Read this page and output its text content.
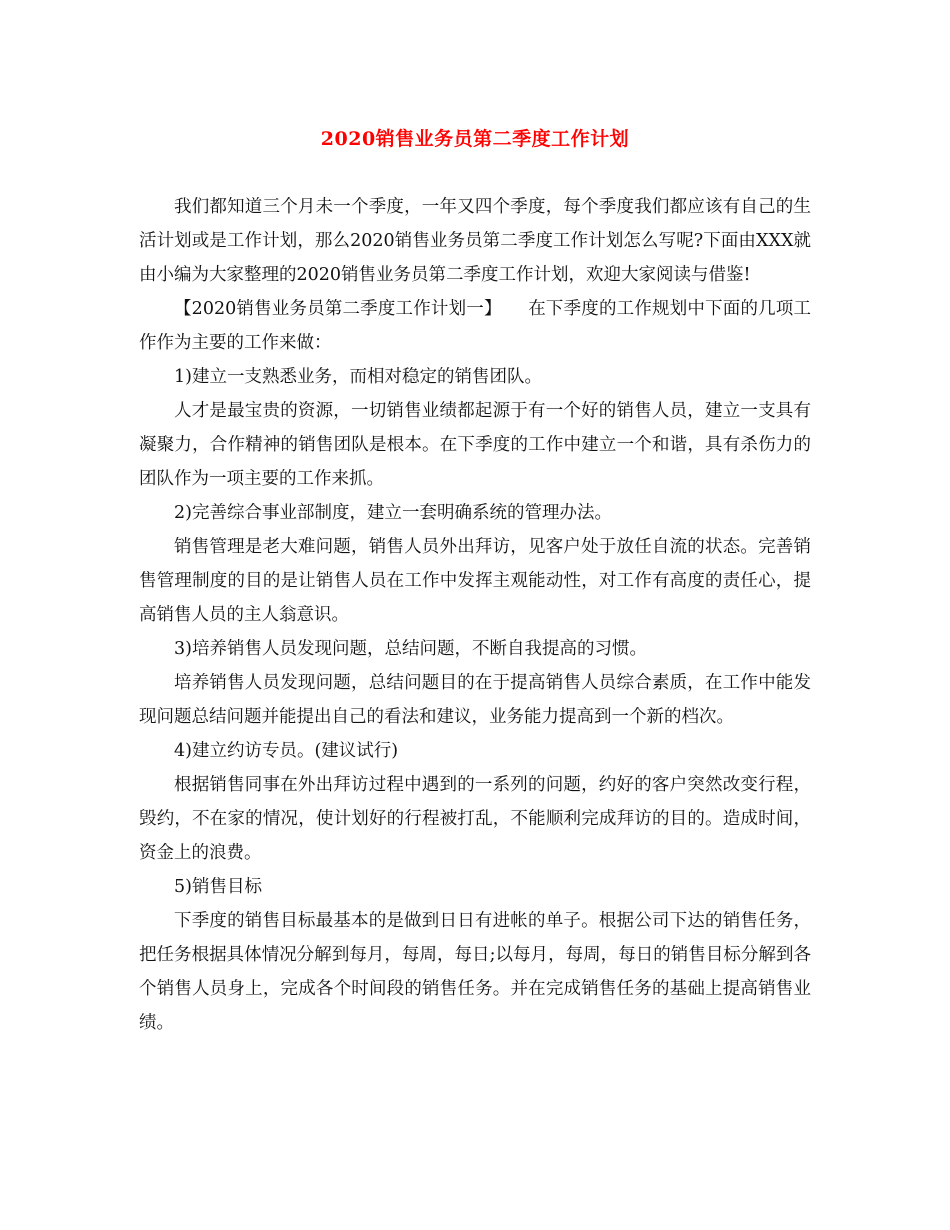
2020销售业务员第二季度工作计划

我们都知道三个月未一个季度，一年又四个季度，每个季度我们都应该有自己的生活计划或是工作计划，那么2020销售业务员第二季度工作计划怎么写呢?下面由XXX就由小编为大家整理的2020销售业务员第二季度工作计划，欢迎大家阅读与借鉴!

【2020销售业务员第二季度工作计划一】　　在下季度的工作规划中下面的几项工作作为主要的工作来做：

1)建立一支熟悉业务，而相对稳定的销售团队。

人才是最宝贵的资源，一切销售业绩都起源于有一个好的销售人员，建立一支具有凝聚力，合作精神的销售团队是根本。在下季度的工作中建立一个和谐，具有杀伤力的团队作为一项主要的工作来抓。

2)完善综合事业部制度，建立一套明确系统的管理办法。

销售管理是老大难问题，销售人员外出拜访，见客户处于放任自流的状态。完善销售管理制度的目的是让销售人员在工作中发挥主观能动性，对工作有高度的责任心，提高销售人员的主人翁意识。

3)培养销售人员发现问题，总结问题，不断自我提高的习惯。

培养销售人员发现问题，总结问题目的在于提高销售人员综合素质，在工作中能发现问题总结问题并能提出自己的看法和建议，业务能力提高到一个新的档次。

4)建立约访专员。(建议试行)

根据销售同事在外出拜访过程中遇到的一系列的问题，约好的客户突然改变行程，毁约，不在家的情况，使计划好的行程被打乱，不能顺利完成拜访的目的。造成时间，资金上的浪费。

5)销售目标

下季度的销售目标最基本的是做到日日有进帐的单子。根据公司下达的销售任务，把任务根据具体情况分解到每月，每周，每日;以每月，每周，每日的销售目标分解到各个销售人员身上，完成各个时间段的销售任务。并在完成销售任务的基础上提高销售业绩。
